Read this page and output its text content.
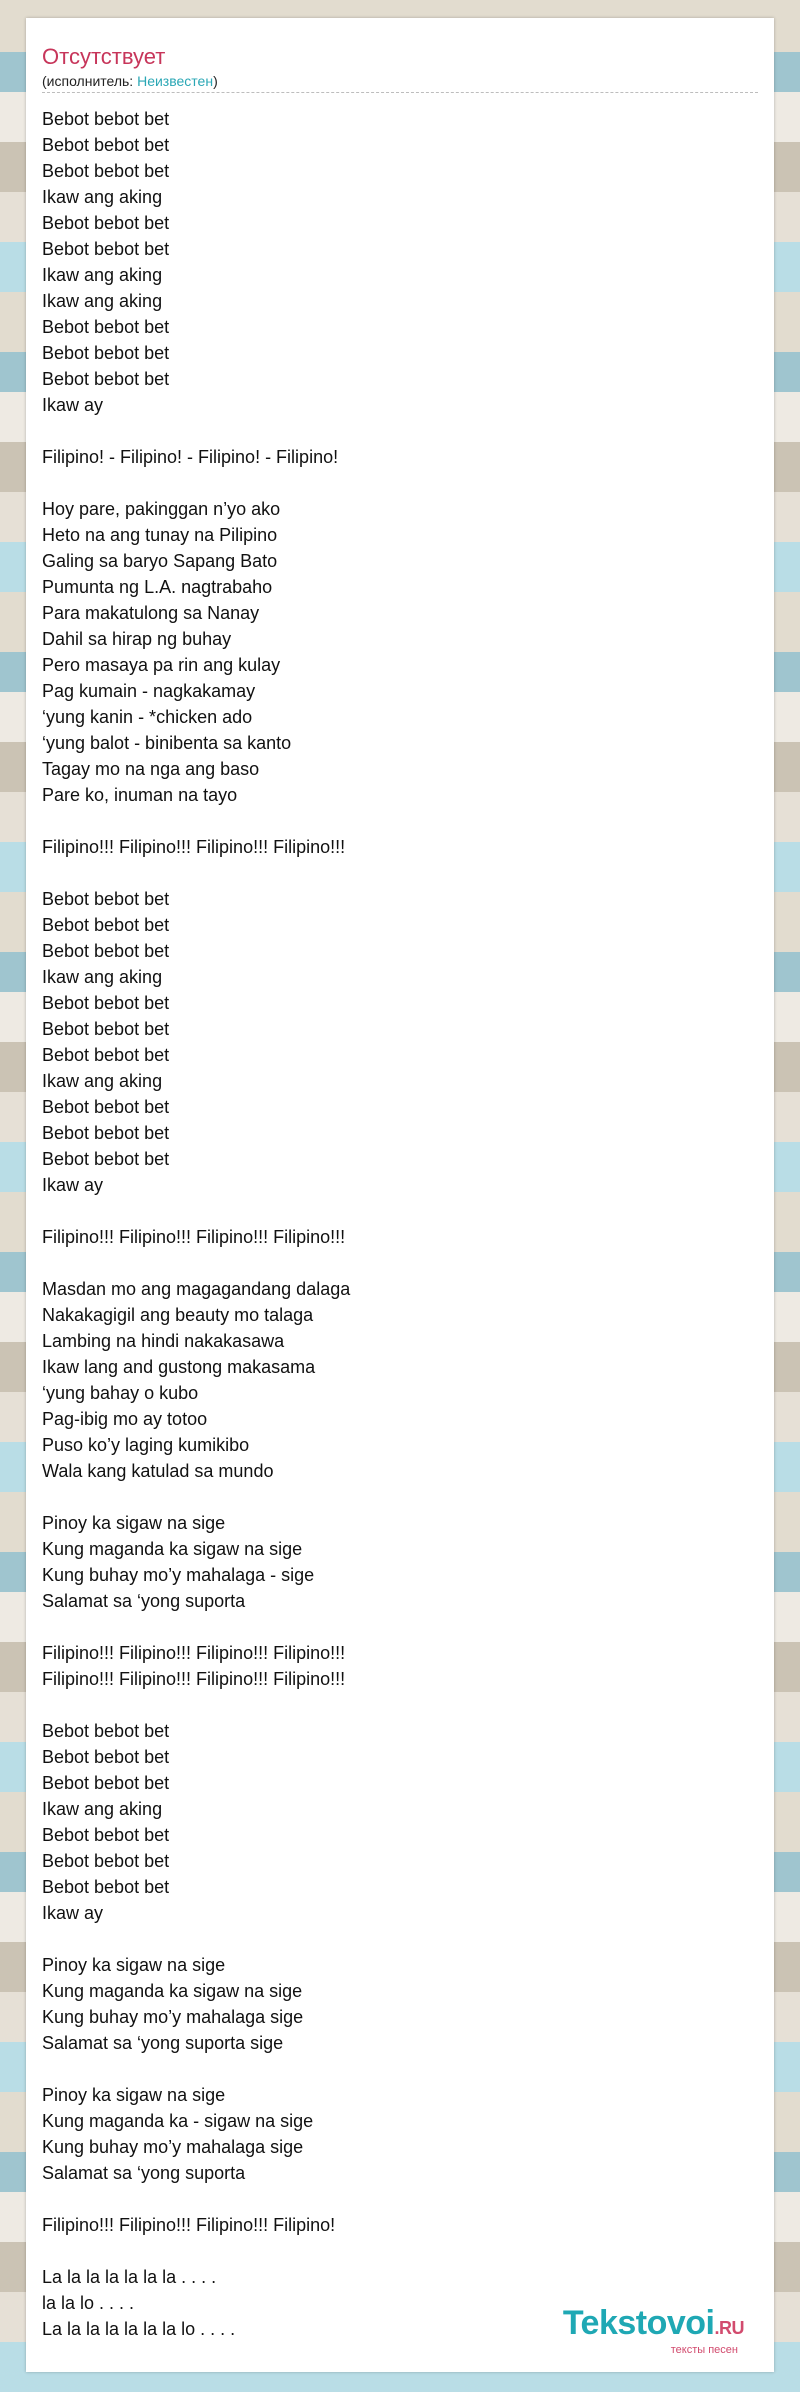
Отсутствует
(исполнитель: Неизвестен)
Bebot bebot bet
Bebot bebot bet
Bebot bebot bet
Ikaw ang aking
Bebot bebot bet
Bebot bebot bet
Ikaw ang aking
Ikaw ang aking
Bebot bebot bet
Bebot bebot bet
Bebot bebot bet
Ikaw ay
Filipino! - Filipino! - Filipino! - Filipino!
Hoy pare, pakinggan n’yo ako
Heto na ang tunay na Pilipino
Galing sa baryo Sapang Bato
Pumunta ng L.A. nagtrabaho
Para makatulong sa Nanay
Dahil sa hirap ng buhay
Pero masaya pa rin ang kulay
Pag kumain - nagkakamay
‘yung kanin - *chicken ado
‘yung balot - binibenta sa kanto
Tagay mo na nga ang baso
Pare ko, inuman na tayo
Filipino!!! Filipino!!! Filipino!!! Filipino!!!
Bebot bebot bet
Bebot bebot bet
Bebot bebot bet
Ikaw ang aking
Bebot bebot bet
Bebot bebot bet
Bebot bebot bet
Ikaw ang aking
Bebot bebot bet
Bebot bebot bet
Bebot bebot bet
Ikaw ay
Filipino!!! Filipino!!! Filipino!!! Filipino!!!
Masdan mo ang magagandang dalaga
Nakakagigil ang beauty mo talaga
Lambing na hindi nakakasawa
Ikaw lang and gustong makasama
‘yung bahay o kubo
Pag-ibig mo ay totoo
Puso ko’y laging kumikibo
Wala kang katulad sa mundo
Pinoy ka sigaw na sige
Kung maganda ka sigaw na sige
Kung buhay mo’y mahalaga - sige
Salamat sa ‘yong suporta
Filipino!!! Filipino!!! Filipino!!! Filipino!!!
Filipino!!! Filipino!!! Filipino!!! Filipino!!!
Bebot bebot bet
Bebot bebot bet
Bebot bebot bet
Ikaw ang aking
Bebot bebot bet
Bebot bebot bet
Bebot bebot bet
Ikaw ay
Pinoy ka sigaw na sige
Kung maganda ka sigaw na sige
Kung buhay mo’y mahalaga sige
Salamat sa ‘yong suporta sige
Pinoy ka sigaw na sige
Kung maganda ka - sigaw na sige
Kung buhay mo’y mahalaga sige
Salamat sa ‘yong suporta
Filipino!!! Filipino!!! Filipino!!! Filipino!
La la la la la la la . . . .
la la lo . . . .
La la la la la la la lo . . . .	Tekstovoi.RU
тексты песен
